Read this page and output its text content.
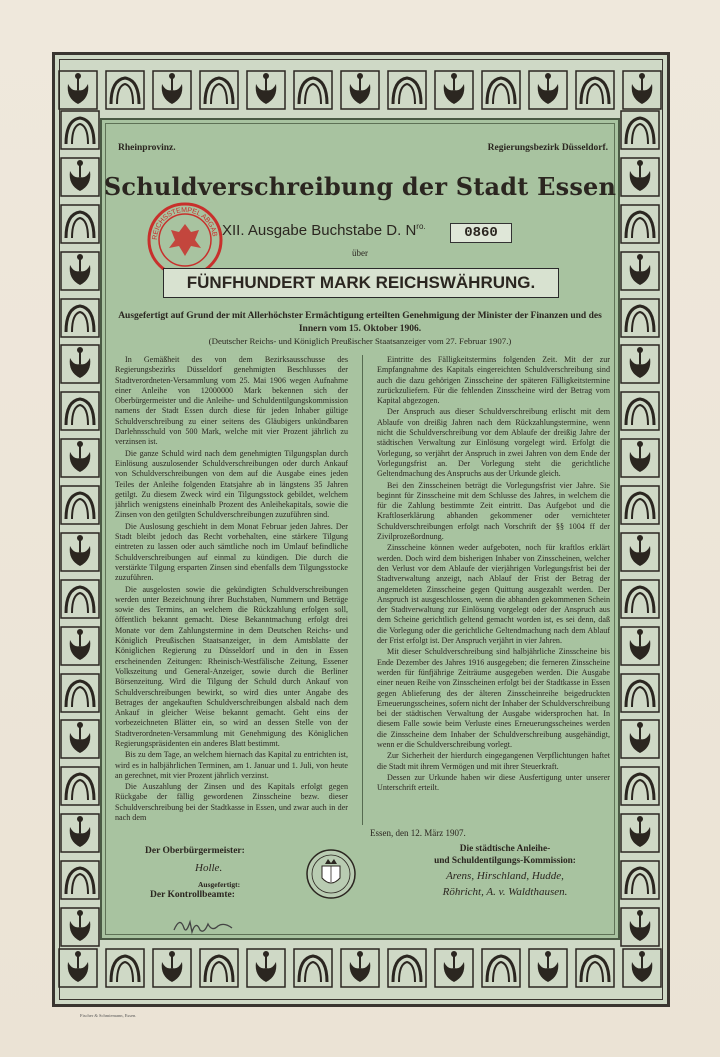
Rheinprovinz.	Regierungsbezirk Düsseldorf.
Schuldverschreibung der Stadt Essen
REICHSSTEMPEL ABGAB XII. Ausgabe Buchstabe D. $N^{ro.}$	0860
über
FÜNFHUNDERT MARK REICHSWÄHRUNG.
Ausgefertigt auf Grund der mit Allerhöchster Ermächtigung erteilten Genehmigung der Minister der Finanzen und des Innern vom 15. Oktober 1906.
(Deutscher Reichs- und Königlich Preußischer Staatsanzeiger vom 27. Februar 1907.)

In Gemäßheit des von dem Bezirksausschusse des Regierungsbezirks Düsseldorf genehmigten Beschlusses der Stadtverordneten-Versammlung vom 25. Mai 1906 wegen Aufnahme einer Anleihe von 12000000 Mark bekennen sich der Oberbürgermeister und die Anleihe- und Schuldentilgungskommission namens der Stadt Essen durch diese für jeden Inhaber gültige Schuldverschreibung zu einer seitens des Gläubigers unkündbaren Darlehnsschuld von 500 Mark, welche mit vier Prozent jährlich zu verzinsen ist.

Die ganze Schuld wird nach dem genehmigten Tilgungsplan durch Einlösung auszulosender Schuldverschreibungen oder durch Ankauf von Schuldverschreibungen von dem auf die Ausgabe eines jeden Teiles der Anleihe folgenden Etatsjahre ab in längstens 35 Jahren getilgt. Zu diesem Zweck wird ein Tilgungsstock gebildet, welchem jährlich wenigstens eineinhalb Prozent des Anleihekapitals, sowie die Zinsen von den getilgten Schuldverschreibungen zuzuführen sind.

Die Auslosung geschieht in dem Monat Februar jeden Jahres. Der Stadt bleibt jedoch das Recht vorbehalten, eine stärkere Tilgung eintreten zu lassen oder auch sämtliche noch im Umlauf befindliche Schuldverschreibungen auf einmal zu kündigen. Die durch die verstärkte Tilgung ersparten Zinsen sind ebenfalls dem Tilgungsstocke zuzuführen.

Die ausgelosten sowie die gekündigten Schuldverschreibungen werden unter Bezeichnung ihrer Buchstaben, Nummern und Beträge sowie des Termins, an welchem die Rückzahlung erfolgen soll, öffentlich bekannt gemacht. Diese Bekanntmachung erfolgt drei Monate vor dem Zahlungstermine in dem Deutschen Reichs- und Königlich Preußischen Staatsanzeiger, in dem Amtsblatte der Königlichen Regierung zu Düsseldorf und in den in Essen erscheinenden Zeitungen: Rheinisch-Westfälische Zeitung, Essener Volkszeitung und General-Anzeiger, sowie durch die Berliner Börsenzeitung. Wird die Tilgung der Schuld durch Ankauf von Schuldverschreibungen bewirkt, so wird dies unter Angabe des Betrages der angekauften Schuldverschreibungen alsbald nach dem Ankauf in gleicher Weise bekannt gemacht. Geht eins der vorbezeichneten Blätter ein, so wird an dessen Stelle von der Stadtverordneten-Versammlung mit Genehmigung des Königlichen Regierungspräsidenten ein anderes Blatt bestimmt.

Bis zu dem Tage, an welchem hiernach das Kapital zu entrichten ist, wird es in halbjährlichen Terminen, am 1. Januar und 1. Juli, von heute an gerechnet, mit vier Prozent jährlich verzinst.

Die Auszahlung der Zinsen und des Kapitals erfolgt gegen Rückgabe der fällig gewordenen Zinsscheine bezw. dieser Schuldverschreibung bei der Stadtkasse in Essen, und zwar auch in der nach dem

Eintritte des Fälligkeitstermins folgenden Zeit. Mit der zur Empfangnahme des Kapitals eingereichten Schuldverschreibung sind auch die dazu gehörigen Zinsscheine der späteren Fälligkeitstermine zurückzuliefern. Für die fehlenden Zinsscheine wird der Betrag vom Kapital abgezogen.

Der Anspruch aus dieser Schuldverschreibung erlischt mit dem Ablaufe von dreißig Jahren nach dem Rückzahlungstermine, wenn nicht die Schuldverschreibung vor dem Ablaufe der dreißig Jahre der städtischen Verwaltung zur Einlösung vorgelegt wird. Erfolgt die Vorlegung, so verjährt der Anspruch in zwei Jahren von dem Ende der Vorlegungsfrist an. Der Vorlegung steht die gerichtliche Geltendmachung des Anspruchs aus der Urkunde gleich.

Bei den Zinsscheinen beträgt die Vorlegungsfrist vier Jahre. Sie beginnt für Zinsscheine mit dem Schlusse des Jahres, in welchem die für die Zahlung bestimmte Zeit eintritt. Das Aufgebot und die Kraftloserklärung abhanden gekommener oder vernichteter Schuldverschreibungen erfolgt nach Vorschrift der §§ 1004 ff der Zivilprozeßordnung.

Zinsscheine können weder aufgeboten, noch für kraftlos erklärt werden. Doch wird dem bisherigen Inhaber von Zinsscheinen, welcher den Verlust vor dem Ablaufe der vierjährigen Vorlegungsfrist bei der Stadtverwaltung anzeigt, nach Ablauf der Frist der Betrag der angemeldeten Zinsscheine gegen Quittung ausgezahlt werden. Der Anspruch ist ausgeschlossen, wenn die abhanden gekommenen Schein der Stadtverwaltung zur Einlösung vorgelegt oder der Anspruch aus dem Scheine gerichtlich geltend gemacht worden ist, es sei denn, daß die Vorlegung oder die gerichtliche Geltendmachung nach dem Ablauf der Frist erfolgt ist. Der Anspruch verjährt in vier Jahren.

Mit dieser Schuldverschreibung sind halbjährliche Zinsscheine bis Ende Dezember des Jahres 1916 ausgegeben; die ferneren Zinsscheine werden für fünfjährige Zeiträume ausgegeben werden. Die Ausgabe einer neuen Reihe von Zinsscheinen erfolgt bei der Stadtkasse in Essen gegen Ablieferung des der älteren Zinsscheinreihe beigedruckten Erneuerungsscheines, sofern nicht der Inhaber der Schuldverschreibung bei der städtischen Verwaltung der Ausgabe widersprochen hat. In diesem Falle sowie beim Verluste eines Erneuerungsscheines werden die Zinsscheine dem Inhaber der Schuldverschreibung ausgehändigt, wenn er die Schuldverschreibung vorlegt.

Zur Sicherheit der hierdurch eingegangenen Verpflichtungen haftet die Stadt mit ihrem Vermögen und mit ihrer Steuerkraft.

Dessen zur Urkunde haben wir diese Ausfertigung unter unserer Unterschrift erteilt.

Essen, den 12. März 1907.
Der Oberbürgermeister:
Holle.
Die städtische Anleihe-
und Schuldentilgungs-Kommission:
Arens, Hirschland, Hudde,
Röhricht, A. v. Waldthausen.
Ausgefertigt:
Der Kontrollbeamte:
Fischer & Schmiemann, Essen.
